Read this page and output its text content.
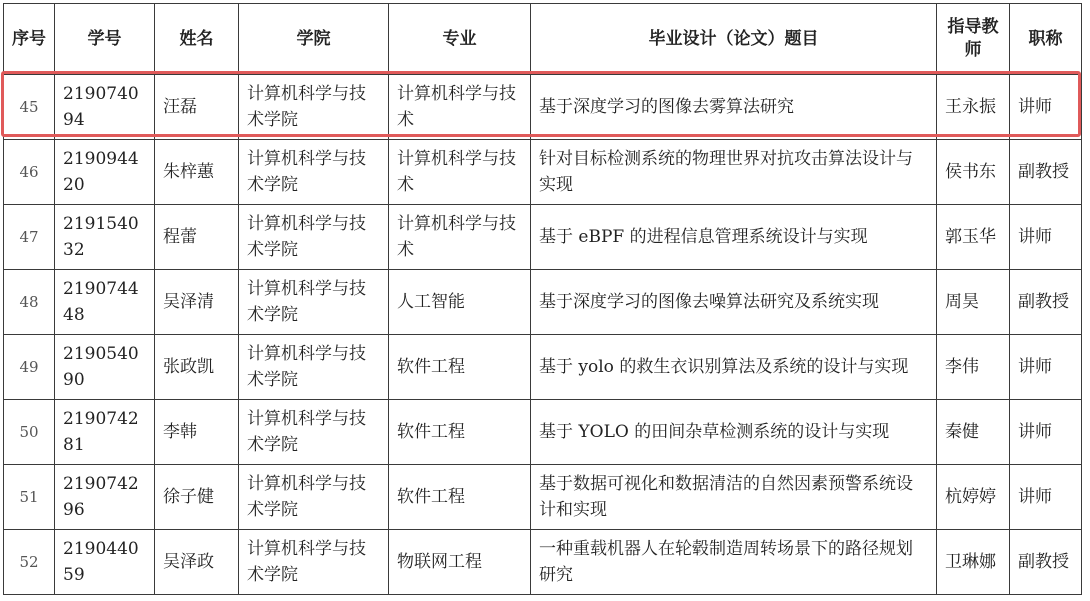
序号	学号	姓名	学院	专业	毕业设计（论文）题目	指导教师	职称
45	219074094	汪磊	计算机科学与技术学院	计算机科学与技术	基于深度学习的图像去雾算法研究	王永振	讲师
46	219094420	朱梓蕙	计算机科学与技术学院	计算机科学与技术	针对目标检测系统的物理世界对抗攻击算法设计与实现	侯书东	副教授
47	219154032	程蕾	计算机科学与技术学院	计算机科学与技术	基于 eBPF 的进程信息管理系统设计与实现	郭玉华	讲师
48	219074448	吴泽清	计算机科学与技术学院	人工智能	基于深度学习的图像去噪算法研究及系统实现	周昊	副教授
49	219054090	张政凯	计算机科学与技术学院	软件工程	基于 yolo 的救生衣识别算法及系统的设计与实现	李伟	讲师
50	219074281	李韩	计算机科学与技术学院	软件工程	基于 YOLO 的田间杂草检测系统的设计与实现	秦健	讲师
51	219074296	徐子健	计算机科学与技术学院	软件工程	基于数据可视化和数据清洁的自然因素预警系统设计和实现	杭婷婷	讲师
52	219044059	吴泽政	计算机科学与技术学院	物联网工程	一种重载机器人在轮毂制造周转场景下的路径规划研究	卫琳娜	副教授
